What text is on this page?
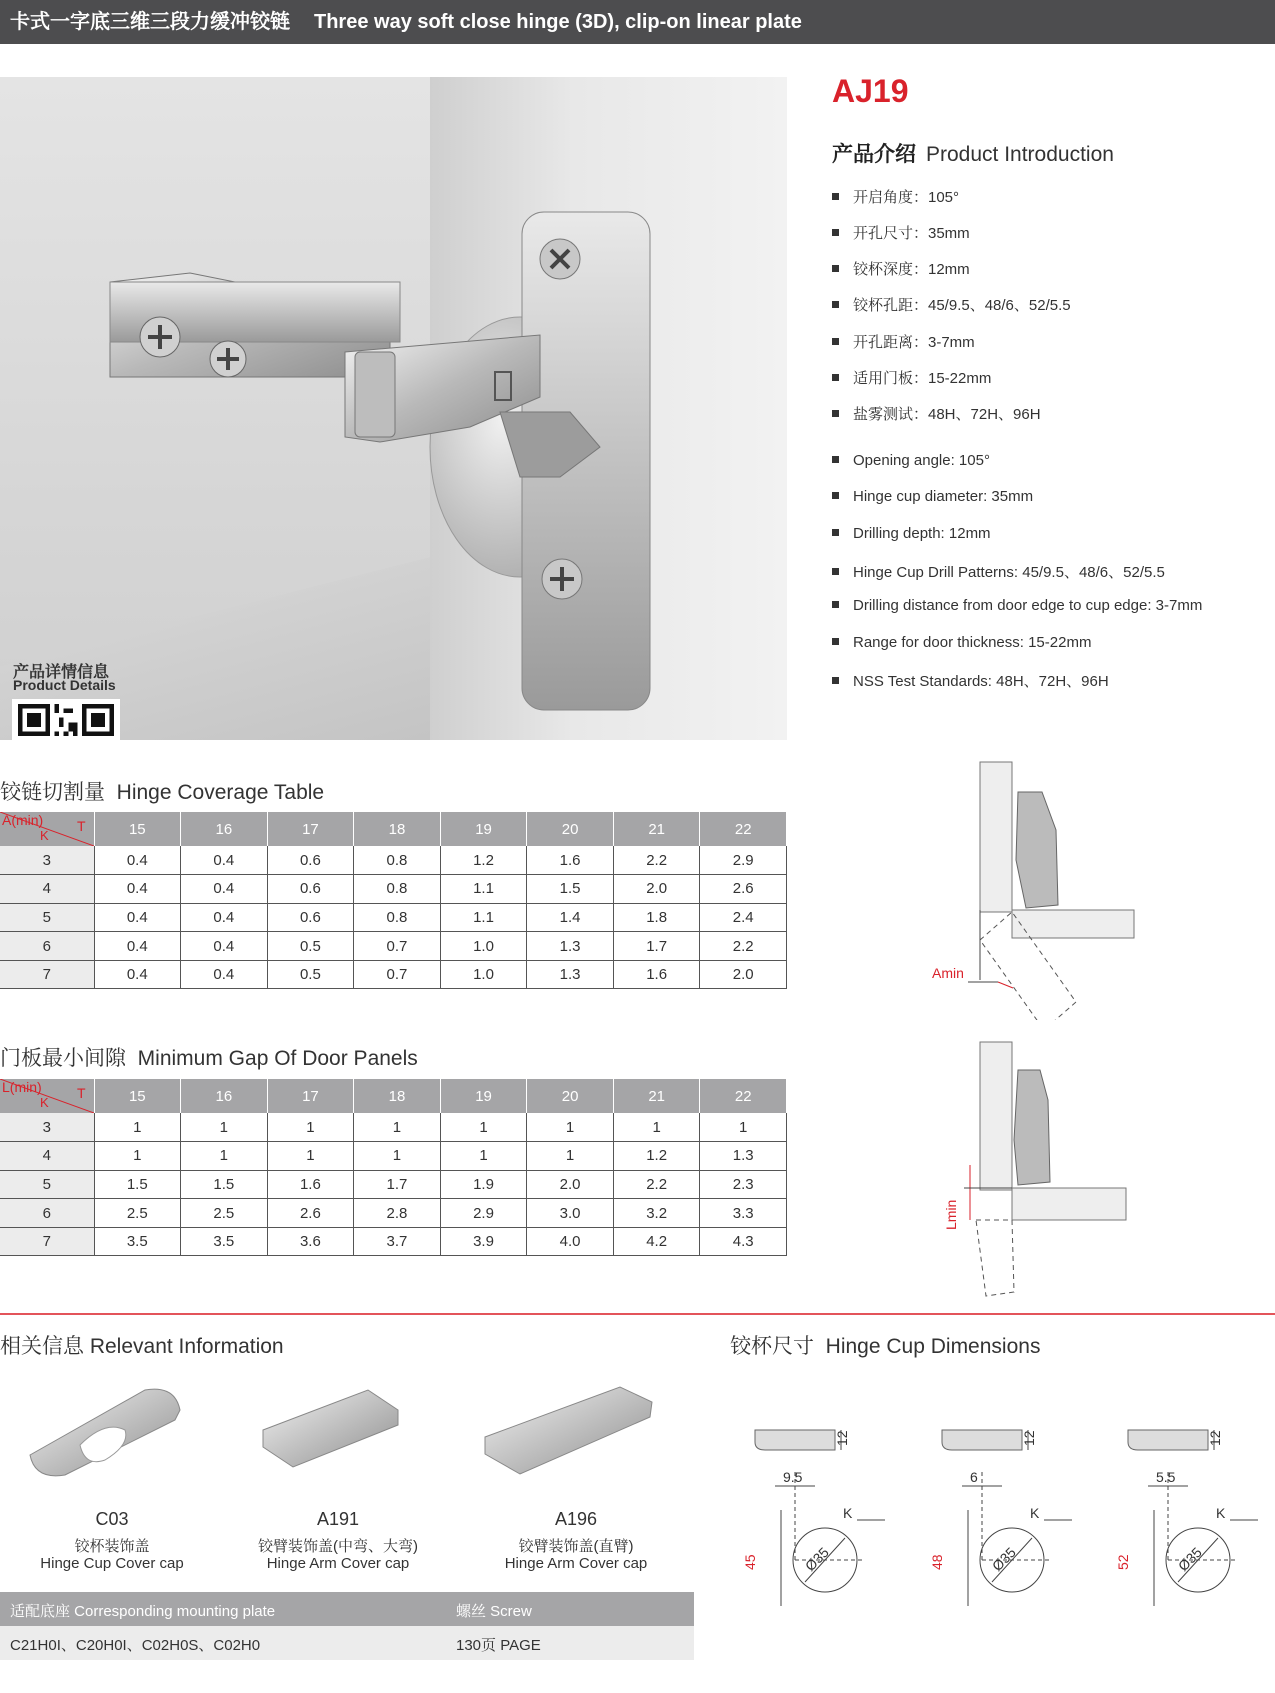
卡式一字底三维三段力缓冲铰链 Three way soft close hinge (3D), clip-on linear plate
产品详情信息
Product Details
AJ19
产品介绍 Product Introduction
开启角度：105°
开孔尺寸：35mm
铰杯深度：12mm
铰杯孔距：45/9.5、48/6、52/5.5
开孔距离：3-7mm
适用门板：15-22mm
盐雾测试：48H、72H、96H
Opening angle: 105°
Hinge cup diameter: 35mm
Drilling depth: 12mm
Hinge Cup Drill Patterns: 45/9.5、48/6、52/5.5
Drilling distance from door edge to cup edge: 3-7mm
Range for door thickness: 15-22mm
NSS Test Standards: 48H、72H、96H
铰链切割量 Hinge Coverage Table
A(min)
K
T	15	16	17	18	19	20	21	22
3	0.4	0.4	0.6	0.8	1.2	1.6	2.2	2.9
4	0.4	0.4	0.6	0.8	1.1	1.5	2.0	2.6
5	0.4	0.4	0.6	0.8	1.1	1.4	1.8	2.4
6	0.4	0.4	0.5	0.7	1.0	1.3	1.7	2.2
7	0.4	0.4	0.5	0.7	1.0	1.3	1.6	2.0	Amin
门板最小间隙 Minimum Gap Of Door Panels
L(min)
K
T	15	16	17	18	19	20	21	22
3	1	1	1	1	1	1	1	1
4	1	1	1	1	1	1	1.2	1.3
5	1.5	1.5	1.6	1.7	1.9	2.0	2.2	2.3
6	2.5	2.5	2.6	2.8	2.9	3.0	3.2	3.3
7	3.5	3.5	3.6	3.7	3.9	4.0	4.2	4.3
Lmin
相关信息 Relevant Information
C03
铰杯装饰盖
Hinge Cup Cover cap
A191
铰臂装饰盖(中弯、大弯)
Hinge Arm Cover cap
A196
铰臂装饰盖(直臂)
Hinge Arm Cover cap
适配底座 Corresponding mounting plate	螺丝 Screw
C21H0I、C20H0I、C02H0S、C02H0	130页 PAGE
铰杯尺寸 Hinge Cup Dimensions
12
9.5
K
45	Ø35
12
6
K
48	Ø35
12
5.5
K
52	Ø35
